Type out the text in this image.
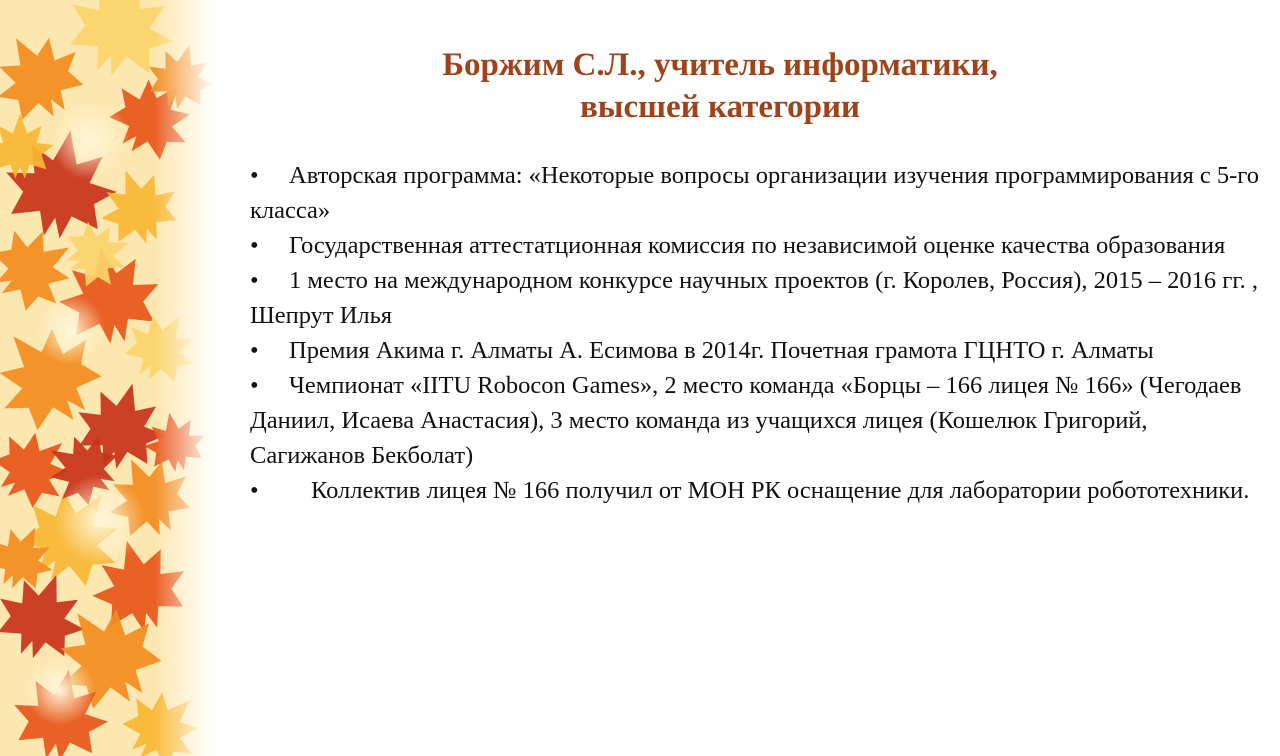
Боржим С.Л., учитель информатики,
высшей категории

• Авторская программа: «Некоторые вопросы организации изучения программирования с 5-го класса»

• Государственная аттестатционная комиссия по независимой оценке качества образования

• 1 место на международном конкурсе научных проектов (г. Королев, Россия), 2015 – 2016 гг. , Шепрут Илья

• Премия Акима г. Алматы А. Есимова в 2014г. Почетная грамота ГЦНТО г. Алматы

• Чемпионат «IITU Robocon Games», 2 место команда «Борцы – 166 лицея № 166» (Чегодаев Даниил, Исаева Анастасия), 3 место команда из учащихся лицея (Кошелюк Григорий, Сагижанов Бекболат)

• Коллектив лицея № 166 получил от МОН РК оснащение для лаборатории робототехники.
